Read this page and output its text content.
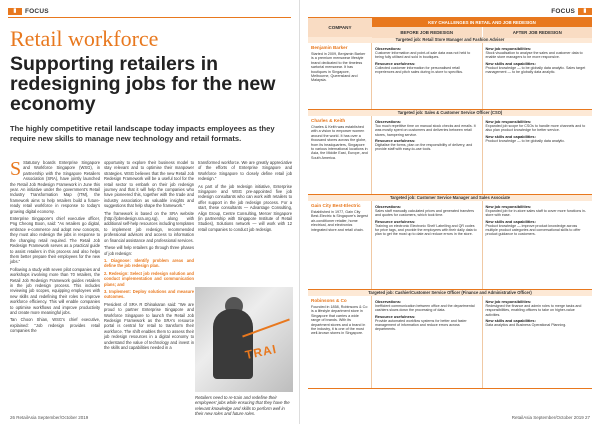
▮	FOCUS
Retail workforce
Supporting retailers in redesigning jobs for the new economy
The highly competitive retail landscape today impacts employees as they require new skills to manage new technology and retail formats.

S Statutory boards Enterprise Singapore and Workforce Singapore (WSG), in partnership with the Singapore Retailers Association (SRA), have jointly launched the Retail Job Redesign Framework in June this year. An initiative under the government's Retail Industry Transformation Map (ITM), the framework aims to help retailers build a future-ready retail workforce in response to today's growing digital economy.

Enterprise Singapore's chief executive officer, Png Cheong Boon, said: "As retailers go digital, embrace e-commerce and adopt new concepts, they must also redesign the jobs in response to the changing retail required. The Retail Job Redesign Framework serves as a practical guide to assist retailers in this process and also helps them better prepare their employees for the new jobs."

Following a study with seven pilot companies and workshops involving more than 70 retailers, the Retail Job Redesign Framework guides retailers in the job redesign process. This includes reviewing job scopes, equipping employees with new skills and redefining their roles to improve workforce efficiency. This will enable companies to optimise workflows and improve productivity and create more meaningful jobs.

Tan Choon Shian, WSG's chief executive, explained: "Job redesign provides retail companies the

opportunity to explore their business model to stay relevant and to optimise their manpower strategies. WSG believes that the new Retail Job Redesign Framework will be a useful tool for the retail sector to embark on their job redesign journey and that it will help the companies who have pioneered this, together with the trade and industry association as valuable insights and suggestions that help shape the framework."

The framework is based on the SRA website (http://jobredesign.sra.org.sg), along with additional self-help resources including templates to implement job redesign, recommended professional advisors and access to information on financial assistance and professional services.

These will help retailers go through three phases of job redesign:

1. Diagnose: Identify problem areas and define the job redesign plan.

2. Redesign: Select job redesign solution and conduct implementation and communication plans; and

3. Implement: Deploy solutions and measure outcomes.

President of SRA R Dhinakaran said: "We are proud to partner Enterprise Singapore and Workforce Singapore to launch the Retail Job Redesign Framework as the SRA's resource portal is central for retail to transform their workforce. The shift enables them to assess their job redesign resources in a digital economy to understand the value of technology and invest in the skills and capabilities needed in a

transformed workforce. We are greatly appreciative of the efforts of Enterprise Singapore and Workforce Singapore to closely define retail job redesign."

As part of the job redesign initiative, Enterprise Singapore and WSG pre-appointed five job redesign consultants who can work with retailers to offer support in the job redesign process. For a start, these consultants — Advantage Consulting, Align Group, Centre Consulting, Mercer Singapore (in partnership with Singapore Institute of Retail Studies), Solutions network — will work with 12 retail companies to conduct job redesign.

TRAI
Retailers need to re-train and redefine their employees' jobs while ensuring that they have the relevant knowledge and skills to perform well in their new roles and future roles.
26 RetailAsia September/October 2019
FOCUS	▮
COMPANY
KEY CHALLENGES IN RETAIL AND JOB REDESIGN
BEFORE JOB REDESIGN	AFTER JOB REDESIGN
Targeted job: Retail Store Manager and Fashion Adviser
Benjamin Barker

Started in 2009, Benjamin Barker is a premium menswear lifestyle brand dedicated to the timeless sartorial menswear. It has boutiques in Singapore, Melbourne, Queensland and Malaysia.

Observations:

Customer information and point-of-sale data was not held to being fully utilised and sold in boutiques.

Resource usefulness:

Collected customer information for personalised retail experiences and pitch sales during in-store to specifics.

New job responsibilities:

Stock visualisation to analyse the sales and customer data to enable store managers to be more responsive.

New skills and capabilities:

Product knowledge — to be globally data analytic. Sales target management — to be globally data analytic.

Targeted job: Sales & Customer Service Officer (CSO)
Charles & Keith

Charles & Keith was established with a vision to empower women around the world. It has over a thousand stores across the globe, from its headquarters, Singapore to various international locations in Asia, the Middle East, Europe, and South America.

Observations:

Too much repetitive time on manual stock checks and emails. It was mostly spent on customers and deliveries between retail stores, hampering service.

Resource usefulness:

Digitalise the forms, plan on the responsibility of delivery, and provide staff with easy-to-use tools.

New job responsibilities:

Expanded job scope for CSOs to handle more channels and to also plan product knowledge for better service.

New skills and capabilities:

Product knowledge — to be globally data analytic.

Targeted job: Customer Service Manager and Sales Associate
Gain City Best-Electric

Established in 1977, Gain City Best-Electric is Singapore's largest air-conditioner retailer, home electrical, and electronics integrated store and retail chain.

Observations:

Sales staff manually calculated prices and generated transfers and quotes for customers, which took time.

Resource usefulness:

Training on electronic Electronic Shelf Labelling and QR codes for price tags, and provide the employees with their daily data to plan to get the most up to date and reduce errors in the store.

New job responsibilities:

Expanded job for in-store sales staff to cover more functions in-store with ease.

New skills and capabilities:

Product knowledge — improve product knowledge across multiple product categories and conversational skills to offer product guidance to customers.

Targeted job: Cashier/Customer Service Officer (Finance and Administrative Officer)
Robinsons & Co

Founded in 1858, Robinsons & Co is a lifestyle department store in Singapore that carries a wide range of brands. With its department stores and a brand in the industry, it is one of the most well-known stores in Singapore.

Observations:

Inefficient communication between office and the departmental cashiers slows down the processing of data.

Resource usefulness:

Provide automated workflow systems for better and faster management of information and reduce errors across departments.

New job responsibilities:

Redesigned the finance and admin roles to merge tasks and responsibilities, enabling officers to take on higher-value activities.

New skills and capabilities:

Data analytics and Business Operational Planning.

RetailAsia September/October 2019 27
